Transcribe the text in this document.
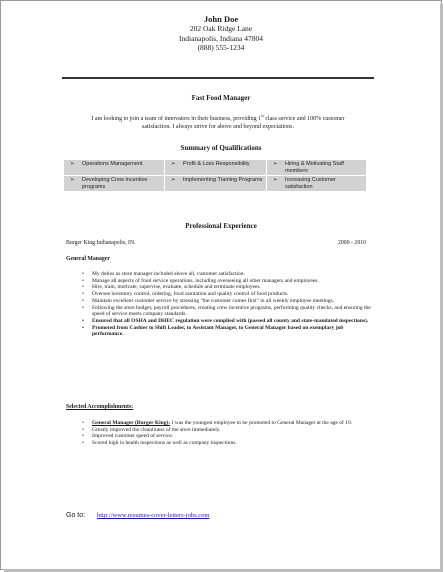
John Doe
202 Oak Ridge Lane
Indianapolis, Indiana 47804
(888) 555-1234
Fast Food Manager
I am looking to join a team of innovators in their business, providing 1st class service and 100% customer
satisfaction. I always strive for above and beyond expectations.
Summary of Qualifications
➢ Operations Management	➢ Profit & Loss Responsibility	➢ Hiring & Motivating Staff members

➢ Developing Crew Incentive programs	➢ Implementing Training Programs	➢ Increasing Customer satisfaction
Professional Experience
Burger King Indianapolis, IN.	2000 - 2010
General Manager
• My duties as store manager included above all, customer satisfaction.
• Manage all aspects of food service operations, including overseeing all other managers and employees.
• Hire, train, motivate, supervise, evaluate, schedule and terminate employees.
• Oversee inventory control, ordering, food sanitation and quality control of food products.
• Maintain excellent customer service by stressing "the customer comes first" in all weekly employee meetings.
• Following the store budget, payroll procedures, creating crew incentive programs, performing quality checks, and ensuring the speed of service meets company standards.
• Ensured that all OSHA and DHEC regulation were complied with (passed all county and state-mandated inspections).
• Promoted from Cashier to Shift Leader, to Assistant Manager, to General Manager based on exemplary job performance.
Selected Accomplishments:
• General Manager (Burger King): I was the youngest employee to be promoted to General Manager at the age of 19.
• Greatly improved the cleanliness of the store immediately.
• Improved customer speed of service.
• Scored high in health inspections as well as company inspections.
Go to: http://www.resumes-cover-letters-jobs.com
